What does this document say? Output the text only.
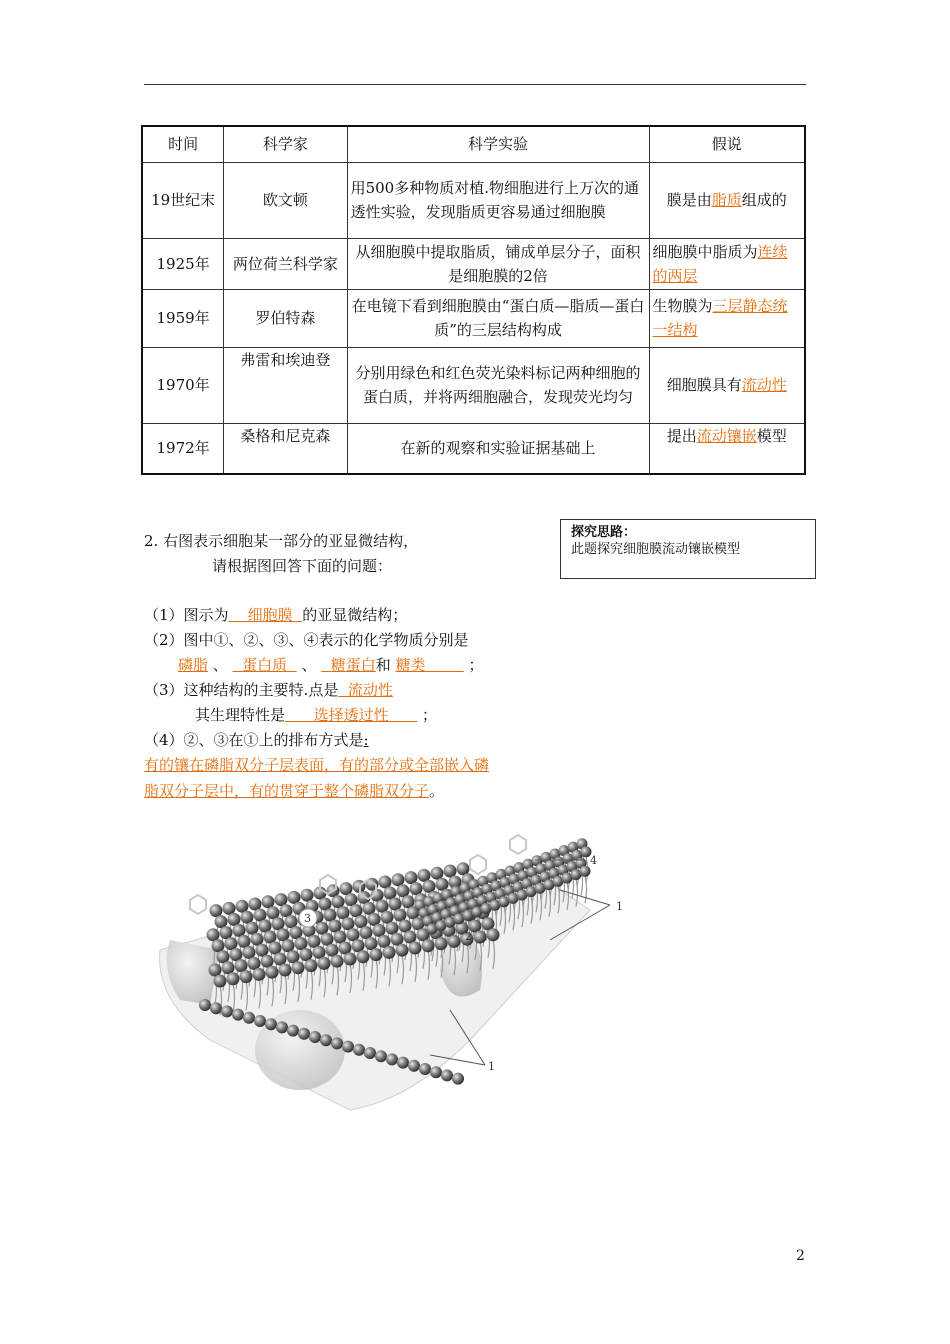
时间	科学家	科学实验	假说
19世纪末	欧文顿	用500多种物质对植.物细胞进行上万次的通透性实验，发现脂质更容易通过细胞膜	膜是由脂质组成的
1925年	两位荷兰科学家	从细胞膜中提取脂质，铺成单层分子，面积是细胞膜的2倍	细胞膜中脂质为连续的两层
1959年	罗伯特森	在电镜下看到细胞膜由“蛋白质—脂质—蛋白质”的三层结构构成	生物膜为三层静态统一结构
1970年	弗雷和埃迪登	分别用绿色和红色荧光染料标记两种细胞的蛋白质，并将两细胞融合，发现荧光均匀	细胞膜具有流动性
1972年	桑格和尼克森	在新的观察和实验证据基础上	提出流动镶嵌模型
探究思路：
此题探究细胞膜流动镶嵌模型
2. 右图表示细胞某一部分的亚显微结构，
请根据图回答下面的问题：
（1）图示为 细胞膜 的亚显微结构；
（2）图中①、②、③、④表示的化学物质分别是
磷脂 、   蛋白质   、   糖蛋白和 糖类	；
（3）这种结构的主要特.点是 流动性
其生理特性是 选择透过性       ；
（4）②、③在①上的排布方式是:
有的镶在磷脂双分子层表面，有的部分或全部嵌入磷脂双分子层中，有的贯穿于整个磷脂双分子。
4
1
3
2
1
2
